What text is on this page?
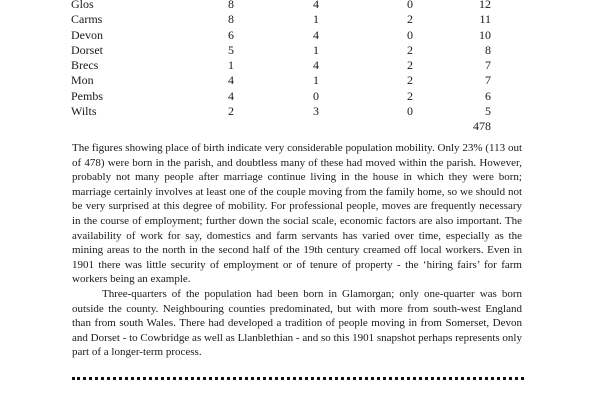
Glos	8	4	0	12
Carms	8	1	2	11
Devon	6	4	0	10
Dorset	5	1	2	8
Brecs	1	4	2	7
Mon	4	1	2	7
Pembs	4	0	2	6
Wilts	2	3	0	5
478

The figures showing place of birth indicate very considerable population mobility. Only 23% (113 out of 478) were born in the parish, and doubtless many of these had moved within the parish. However, probably not many people after marriage continue living in the house in which they were born; marriage certainly involves at least one of the couple moving from the family home, so we should not be very surprised at this degree of mobility. For professional people, moves are frequently necessary in the course of employment; further down the social scale, economic factors are also important. The availability of work for say, domestics and farm servants has varied over time, especially as the mining areas to the north in the second half of the 19th century creamed off local workers. Even in 1901 there was little security of employment or of tenure of property - the ‘hiring fairs’ for farm workers being an example.

Three-quarters of the population had been born in Glamorgan; only one-quarter was born outside the county. Neighbouring counties predominated, but with more from south-west England than from south Wales. There had developed a tradition of people moving in from Somerset, Devon and Dorset - to Cowbridge as well as Llanblethian - and so this 1901 snapshot perhaps represents only part of a longer-term process.
